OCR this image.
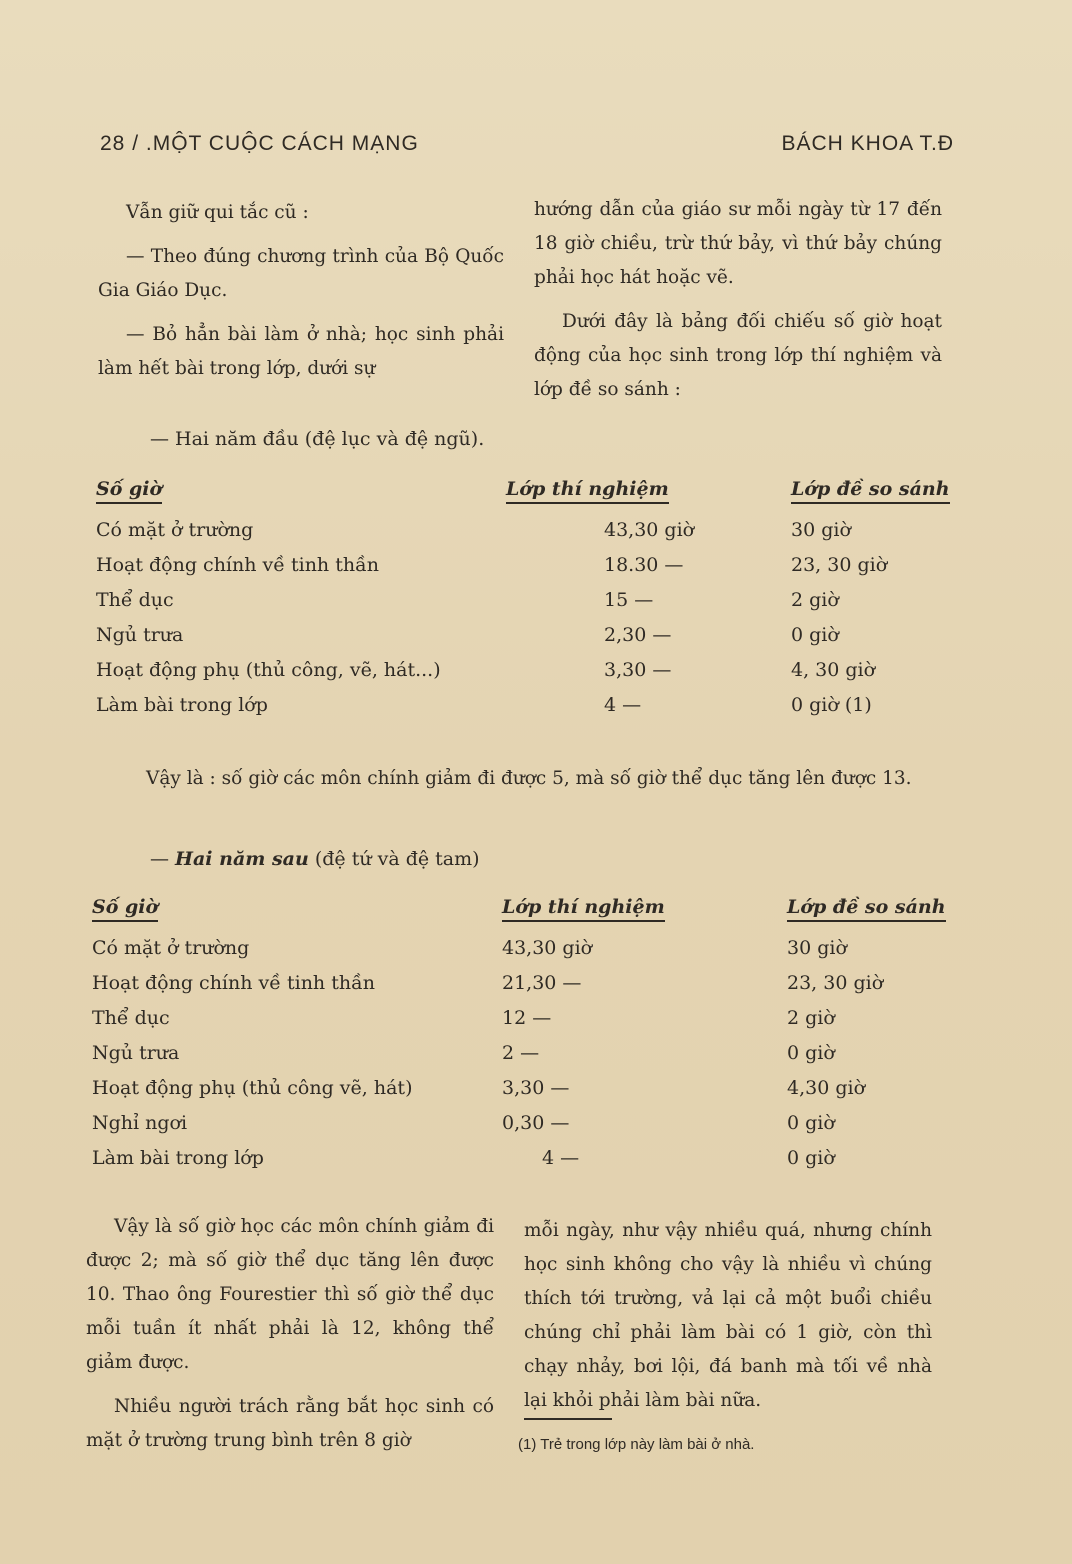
28 / .MỘT CUỘC CÁCH MẠNG	BÁCH KHOA T.Đ

Vẫn giữ qui tắc cũ :

— Theo đúng chương trình của Bộ Quốc Gia Giáo Dục.

— Bỏ hẳn bài làm ở nhà; học sinh phải làm hết bài trong lớp, dưới sự

hướng dẫn của giáo sư mỗi ngày từ 17 đến 18 giờ chiều, trừ thứ bảy, vì thứ bảy chúng phải học hát hoặc vẽ.

Dưới đây là bảng đối chiếu số giờ hoạt động của học sinh trong lớp thí nghiệm và lớp đề so sánh :

— Hai năm đầu (đệ lục và đệ ngũ).
Số giờ	Lớp thí nghiệm	Lớp đề so sánh
Có mặt ở trường	43,30 giờ	30 giờ
Hoạt động chính về tinh thần	18.30 —	23, 30 giờ
Thể dục	15 —	2 giờ
Ngủ trưa	2,30 —	0 giờ
Hoạt động phụ (thủ công, vẽ, hát...)	3,30 —	4, 30 giờ
Làm bài trong lớp	4 —	0 giờ (1)
Vậy là : số giờ các môn chính giảm đi được 5, mà số giờ thể dục tăng lên được 13.
— Hai năm sau (đệ tứ và đệ tam)
Số giờ	Lớp thí nghiệm	Lớp đề so sánh
Có mặt ở trường	43,30 giờ	30 giờ
Hoạt động chính về tinh thần	21,30 —	23, 30 giờ
Thể dục	12 —	2 giờ
Ngủ trưa	2 —	0 giờ
Hoạt động phụ (thủ công vẽ, hát)	3,30 —	4,30 giờ
Nghỉ ngơi	0,30 —	0 giờ
Làm bài trong lớp	4 —	0 giờ

Vậy là số giờ học các môn chính giảm đi được 2; mà số giờ thể dục tăng lên được 10. Thao ông Fourestier thì số giờ thể dục mỗi tuần ít nhất phải là 12, không thể giảm được.

Nhiều người trách rằng bắt học sinh có mặt ở trường trung bình trên 8 giờ

mỗi ngày, như vậy nhiều quá, nhưng chính học sinh không cho vậy là nhiều vì chúng thích tới trường, vả lại cả một buổi chiều chúng chỉ phải làm bài có 1 giờ, còn thì chạy nhảy, bơi lội, đá banh mà tối về nhà lại khỏi phải làm bài nữa.

(1) Trẻ trong lớp này làm bài ở nhà.
